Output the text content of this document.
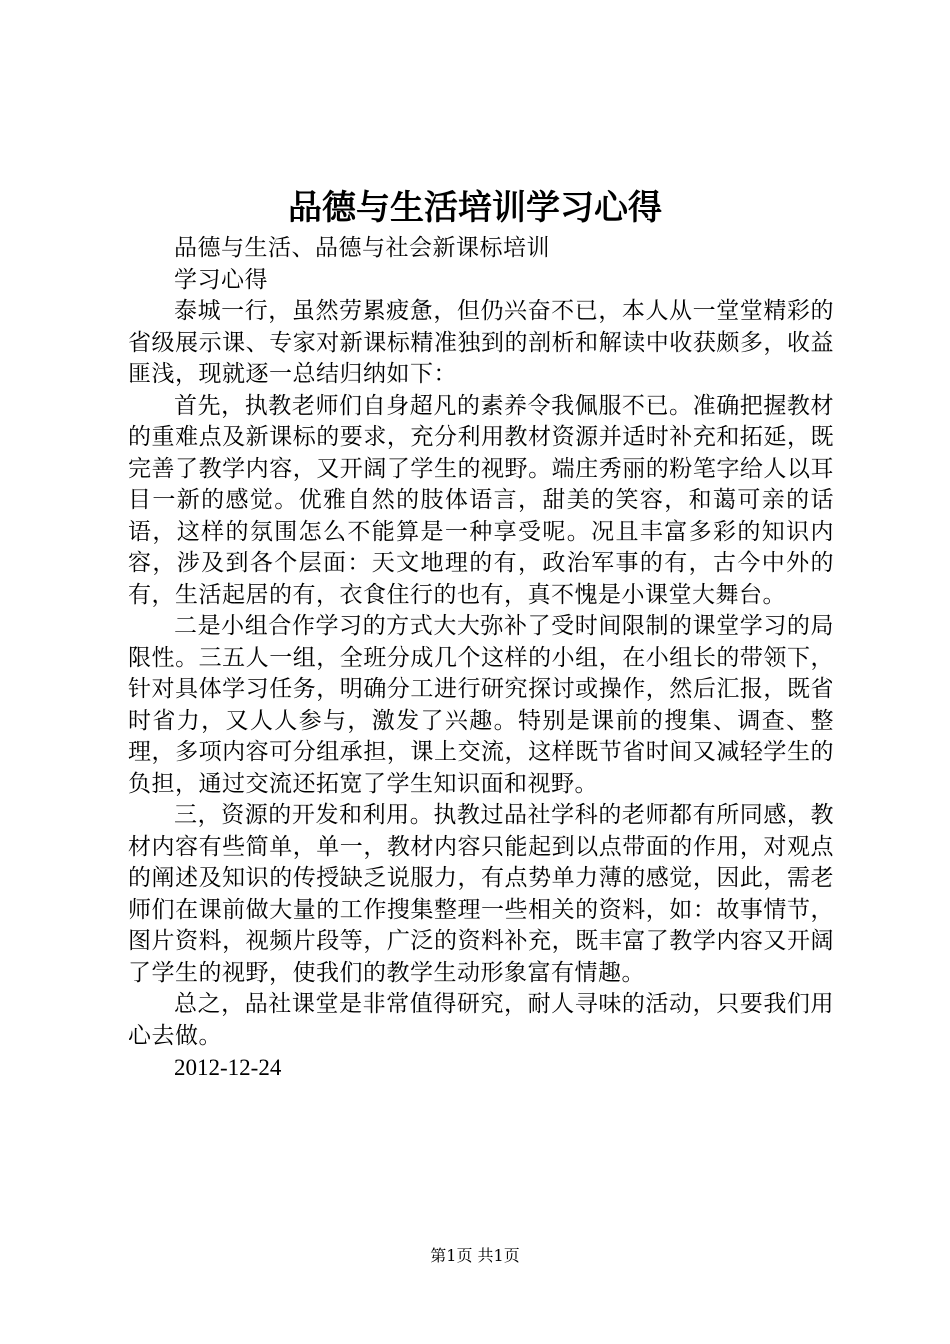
品德与生活培训学习心得

品德与生活、品德与社会新课标培训

学习心得

泰城一行，虽然劳累疲惫，但仍兴奋不已，本人从一堂堂精彩的省级展示课、专家对新课标精准独到的剖析和解读中收获颇多，收益匪浅，现就逐一总结归纳如下：

首先，执教老师们自身超凡的素养令我佩服不已。准确把握教材的重难点及新课标的要求，充分利用教材资源并适时补充和拓延，既完善了教学内容，又开阔了学生的视野。端庄秀丽的粉笔字给人以耳目一新的感觉。优雅自然的肢体语言，甜美的笑容，和蔼可亲的话语，这样的氛围怎么不能算是一种享受呢。况且丰富多彩的知识内容，涉及到各个层面：天文地理的有，政治军事的有，古今中外的有，生活起居的有，衣食住行的也有，真不愧是小课堂大舞台。

二是小组合作学习的方式大大弥补了受时间限制的课堂学习的局限性。三五人一组，全班分成几个这样的小组，在小组长的带领下，针对具体学习任务，明确分工进行研究探讨或操作，然后汇报，既省时省力，又人人参与，激发了兴趣。特别是课前的搜集、调查、整理，多项内容可分组承担，课上交流，这样既节省时间又减轻学生的负担，通过交流还拓宽了学生知识面和视野。

三，资源的开发和利用。执教过品社学科的老师都有所同感，教材内容有些简单，单一，教材内容只能起到以点带面的作用，对观点的阐述及知识的传授缺乏说服力，有点势单力薄的感觉，因此，需老师们在课前做大量的工作搜集整理一些相关的资料，如：故事情节，图片资料，视频片段等，广泛的资料补充，既丰富了教学内容又开阔了学生的视野，使我们的教学生动形象富有情趣。

总之，品社课堂是非常值得研究，耐人寻味的活动，只要我们用心去做。

2012-12-24

第1页 共1页
